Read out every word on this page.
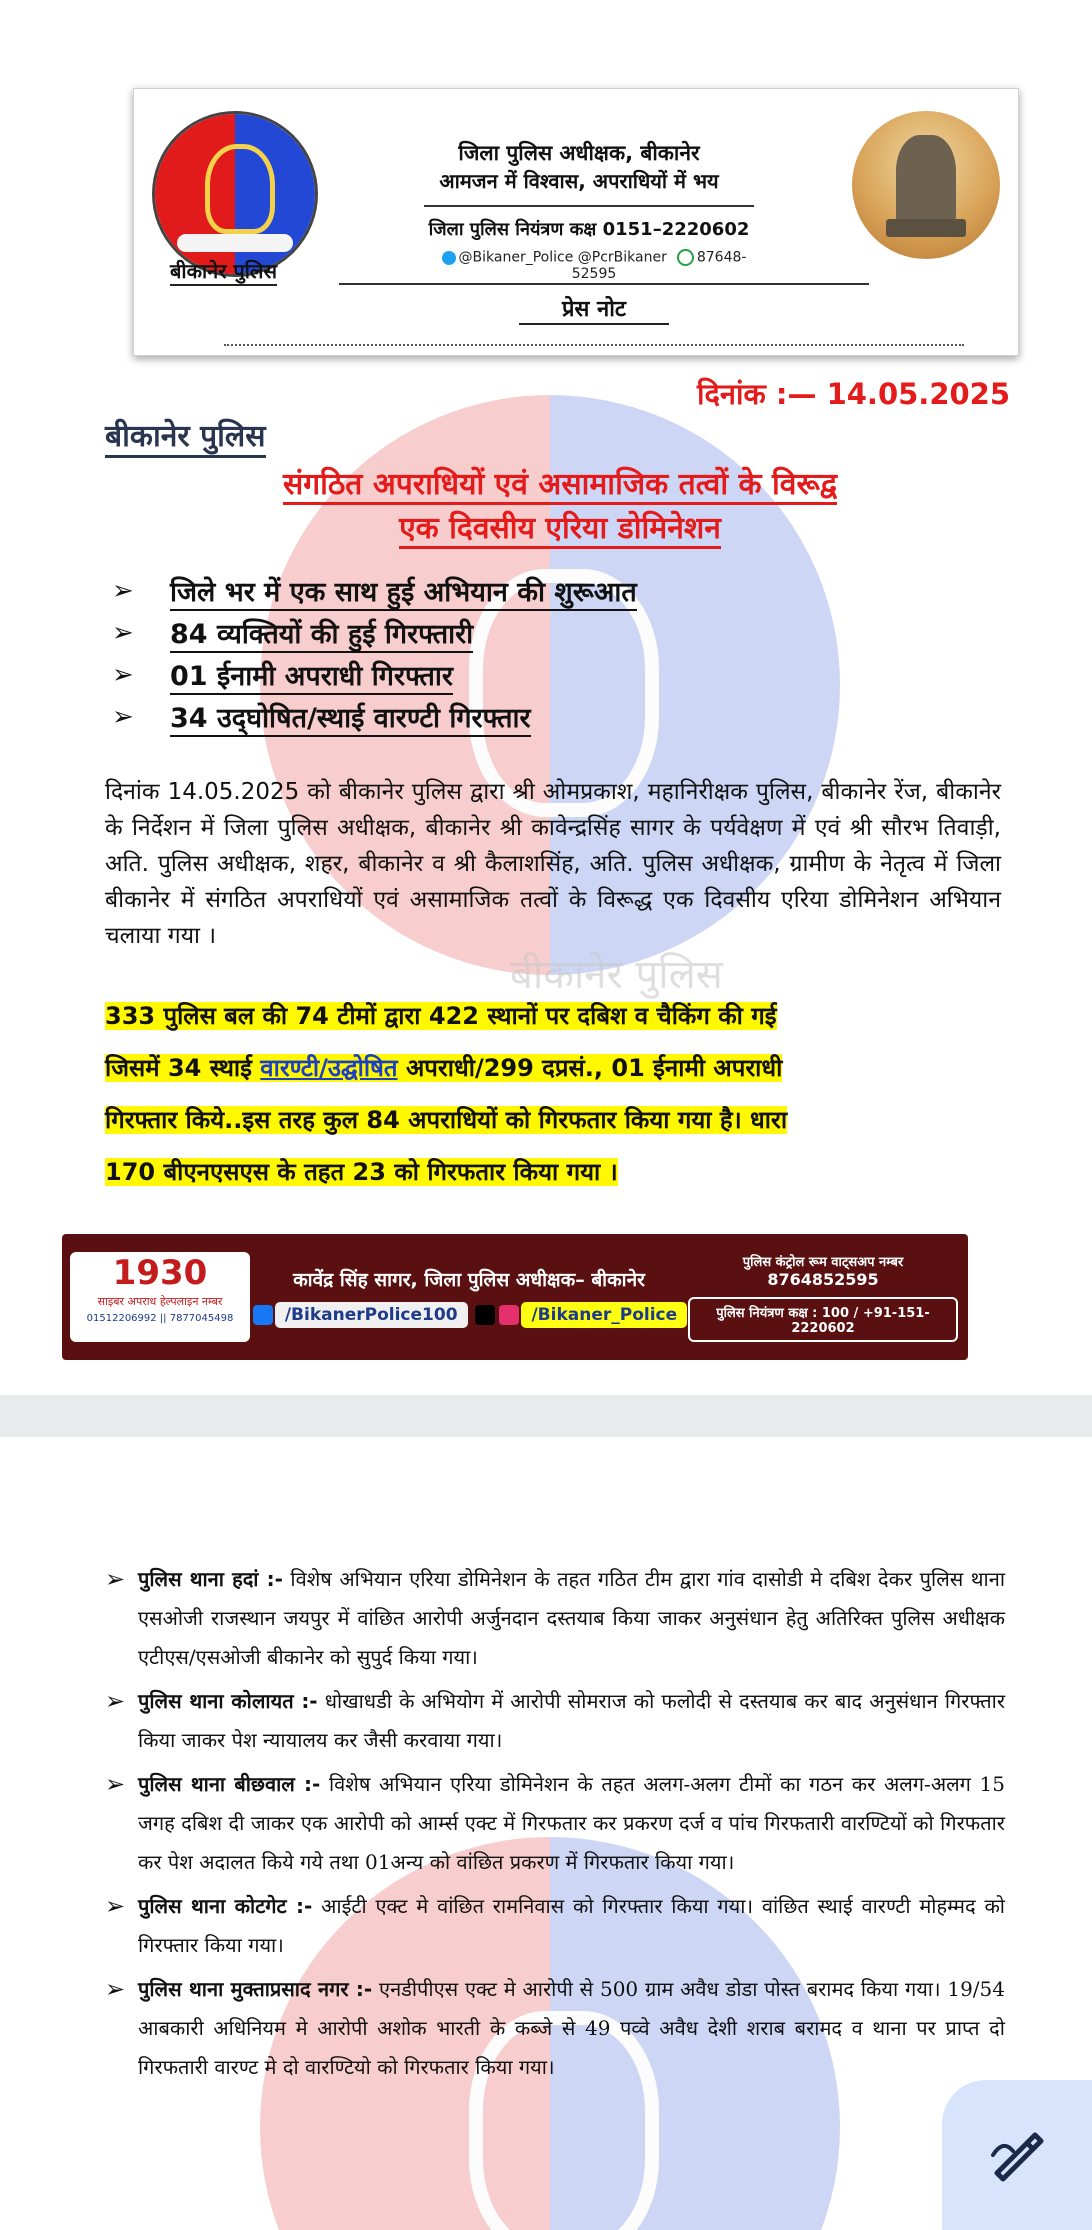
बीकानेर पुलिस
बीकानेर पुलिस
जिला पुलिस अधीक्षक, बीकानेर
आमजन में विश्वास, अपराधियों में भय
जिला पुलिस नियंत्रण कक्ष 0151–2220602
@Bikaner_Police @PcrBikaner 87648-52595
प्रेस नोट
दिनांक :— 14.05.2025
बीकानेर पुलिस
संगठित अपराधियों एवं असामाजिक तत्वों के विरूद्व
एक दिवसीय एरिया डोमिनेशन
➢	जिले भर में एक साथ हुई अभियान की शुरूआत
➢	84 व्यक्तियों की हुई गिरफ्तारी
➢	01 ईनामी अपराधी गिरफ्तार
➢	34 उद्‌घोषित/स्थाई वारण्टी गिरफ्तार
दिनांक 14.05.2025 को बीकानेर पुलिस द्वारा श्री ओमप्रकाश, महानिरीक्षक पुलिस, बीकानेर रेंज, बीकानेर के निर्देशन में जिला पुलिस अधीक्षक, बीकानेर श्री कावेन्द्रसिंह सागर के पर्यवेक्षण में एवं श्री सौरभ तिवाड़ी, अति. पुलिस अधीक्षक, शहर, बीकानेर व श्री कैलाशसिंह, अति. पुलिस अधीक्षक, ग्रामीण के नेतृत्व में जिला बीकानेर में संगठित अपराधियों एवं असामाजिक तत्वों के विरूद्ध एक दिवसीय एरिया डोमिनेशन अभियान चलाया गया ।
333 पुलिस बल की 74 टीमों द्वारा 422 स्थानों पर दबिश व चैकिंग की गई
जिसमें 34 स्थाई वारण्टी/उद्घोषित अपराधी/299 दप्रसं., 01 ईनामी अपराधी
गिरफ्तार किये..इस तरह कुल 84 अपराधियों को गिरफतार किया गया है। धारा
170 बीएनएसएस के तहत 23 को गिरफतार किया गया ।
1930
साइबर अपराध हेल्पलाइन नम्बर
01512206992 || 7877045498
कावेंद्र सिंह सागर, जिला पुलिस अधीक्षक– बीकानेर
/BikanerPolice100	/Bikaner_Police
पुलिस कंट्रोल रूम वाट्सअप नम्बर
8764852595
पुलिस नियंत्रण कक्ष : 100 / +91-151-2220602
➢ पुलिस थाना हदां :- विशेष अभियान एरिया डोमिनेशन के तहत गठित टीम द्वारा गांव दासोडी मे दबिश देकर पुलिस थाना एसओजी राजस्थान जयपुर में वांछित आरोपी अर्जुनदान दस्तयाब किया जाकर अनुसंधान हेतु अतिरिक्त पुलिस अधीक्षक एटीएस/एसओजी बीकानेर को सुपुर्द किया गया।
➢ पुलिस थाना कोलायत :- धोखाधडी के अभियोग में आरोपी सोमराज को फलोदी से दस्तयाब कर बाद अनुसंधान गिरफ्तार किया जाकर पेश न्यायालय कर जैसी करवाया गया।
➢ पुलिस थाना बीछवाल :- विशेष अभियान एरिया डोमिनेशन के तहत अलग-अलग टीमों का गठन कर अलग-अलग 15 जगह दबिश दी जाकर एक आरोपी को आर्म्स एक्ट में गिरफतार कर प्रकरण दर्ज व पांच गिरफतारी वारण्टियों को गिरफतार कर पेश अदालत किये गये तथा 01अन्य को वांछित प्रकरण में गिरफतार किया गया।
➢ पुलिस थाना कोटगेट :- आईटी एक्ट मे वांछित रामनिवास को गिरफ्तार किया गया। वांछित स्थाई वारण्टी मोहम्मद को गिरफ्तार किया गया।
➢ पुलिस थाना मुक्ताप्रसाद नगर :- एनडीपीएस एक्ट मे आरोपी से 500 ग्राम अवैध डोडा पोस्त बरामद किया गया। 19/54 आबकारी अधिनियम मे आरोपी अशोक भारती के कब्जे से 49 पव्वे अवैध देशी शराब बरामद व थाना पर प्राप्त दो गिरफतारी वारण्ट मे दो वारण्टियो को गिरफतार किया गया।
